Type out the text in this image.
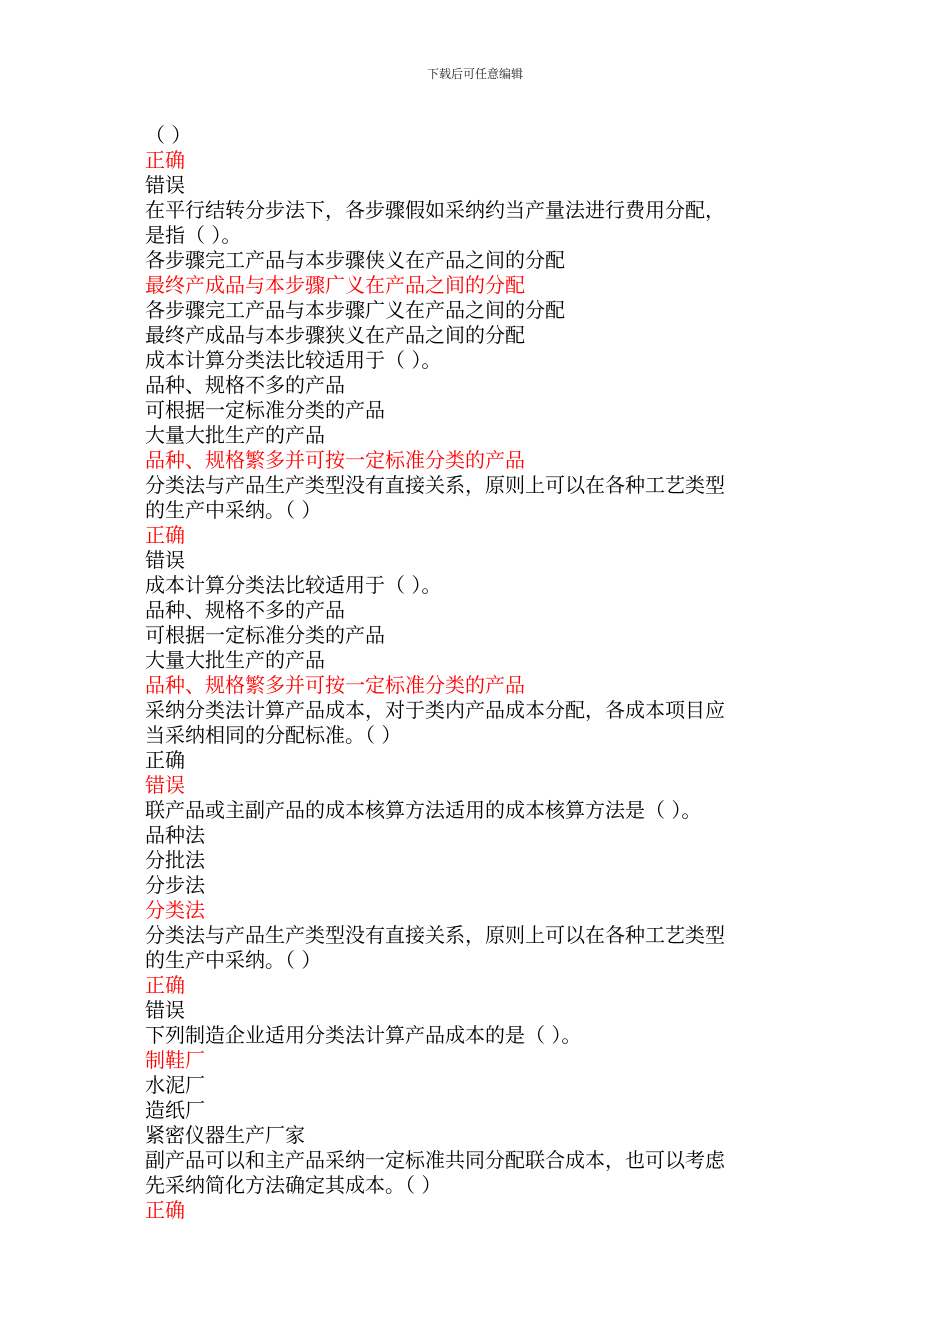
下载后可任意编辑
（ ）
正确
错误
在平行结转分步法下，各步骤假如采纳约当产量法进行费用分配，
是指（ ）。
各步骤完工产品与本步骤侠义在产品之间的分配
最终产成品与本步骤广义在产品之间的分配
各步骤完工产品与本步骤广义在产品之间的分配
最终产成品与本步骤狭义在产品之间的分配
成本计算分类法比较适用于（ ）。
品种、规格不多的产品
可根据一定标准分类的产品
大量大批生产的产品
品种、规格繁多并可按一定标准分类的产品
分类法与产品生产类型没有直接关系，原则上可以在各种工艺类型
的生产中采纳。（ ）
正确
错误
成本计算分类法比较适用于（ ）。
品种、规格不多的产品
可根据一定标准分类的产品
大量大批生产的产品
品种、规格繁多并可按一定标准分类的产品
采纳分类法计算产品成本，对于类内产品成本分配，各成本项目应
当采纳相同的分配标准。（ ）
正确
错误
联产品或主副产品的成本核算方法适用的成本核算方法是（ ）。
品种法
分批法
分步法
分类法
分类法与产品生产类型没有直接关系，原则上可以在各种工艺类型
的生产中采纳。（ ）
正确
错误
下列制造企业适用分类法计算产品成本的是（ ）。
制鞋厂
水泥厂
造纸厂
紧密仪器生产厂家
副产品可以和主产品采纳一定标准共同分配联合成本，也可以考虑
先采纳简化方法确定其成本。（ ）
正确
